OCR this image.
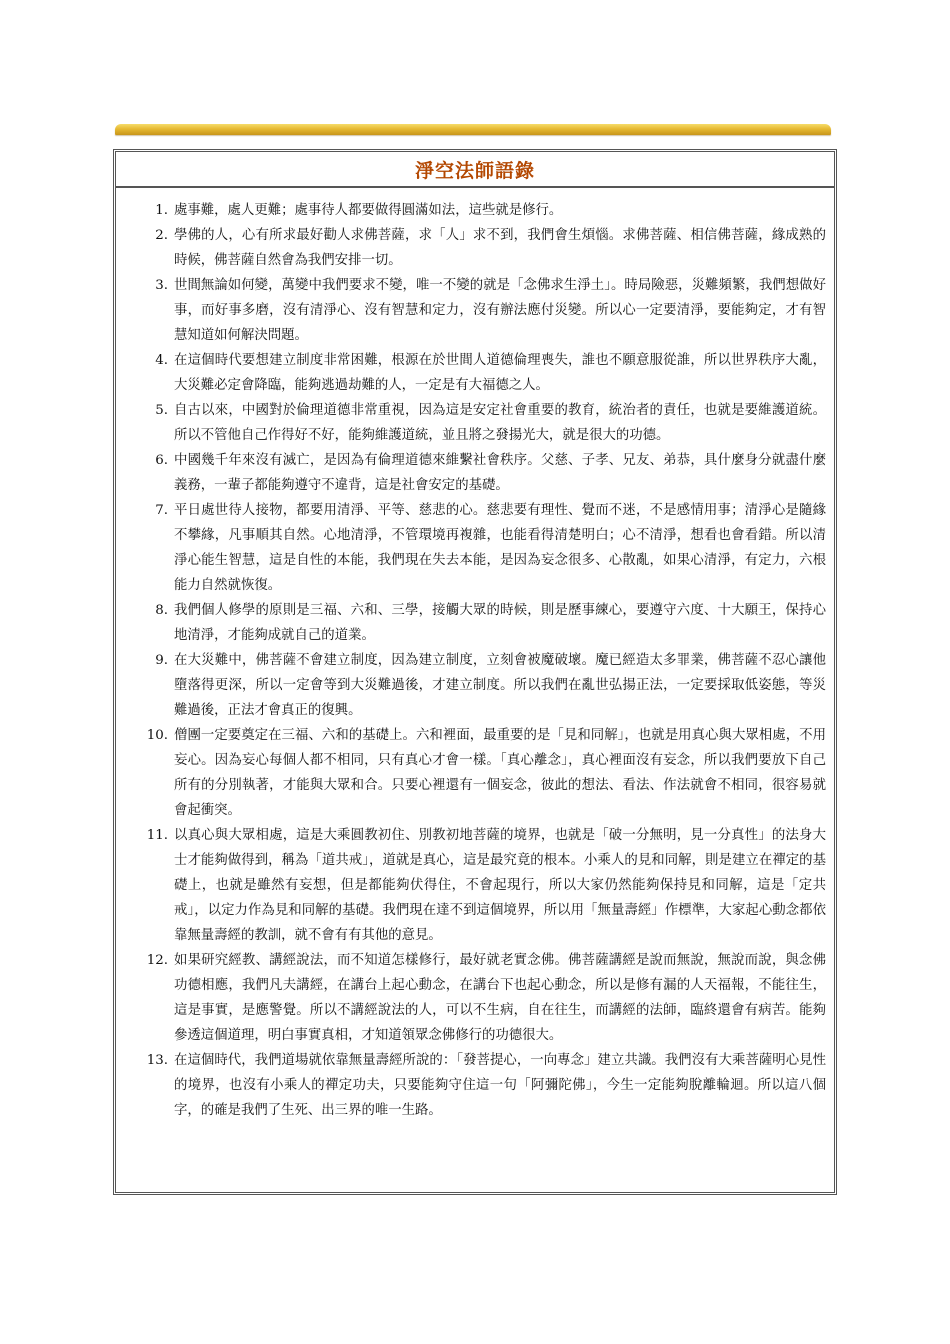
淨空法師語錄
1. 處事難，處人更難；處事待人都要做得圓滿如法，這些就是修行。
2. 學佛的人，心有所求最好勸人求佛菩薩，求「人」求不到，我們會生煩惱。求佛菩薩、相信佛菩薩，緣成熟的時候，佛菩薩自然會為我們安排一切。
3. 世間無論如何變，萬變中我們要求不變，唯一不變的就是「念佛求生淨土」。時局險惡，災難頻繁，我們想做好事，而好事多磨，沒有清淨心、沒有智慧和定力，沒有辦法應付災變。所以心一定要清淨，要能夠定，才有智慧知道如何解決問題。
4. 在這個時代要想建立制度非常困難，根源在於世間人道德倫理喪失，誰也不願意服從誰，所以世界秩序大亂，大災難必定會降臨，能夠逃過劫難的人，一定是有大福德之人。
5. 自古以來，中國對於倫理道德非常重視，因為這是安定社會重要的教育，統治者的責任，也就是要維護道統。所以不管他自己作得好不好，能夠維護道統，並且將之發揚光大，就是很大的功德。
6. 中國幾千年來沒有滅亡，是因為有倫理道德來維繫社會秩序。父慈、子孝、兄友、弟恭，具什麼身分就盡什麼義務，一輩子都能夠遵守不違背，這是社會安定的基礎。
7. 平日處世待人接物，都要用清淨、平等、慈悲的心。慈悲要有理性、覺而不迷，不是感情用事；清淨心是隨緣不攀緣，凡事順其自然。心地清淨，不管環境再複雜，也能看得清楚明白；心不清淨，想看也會看錯。所以清淨心能生智慧，這是自性的本能，我們現在失去本能，是因為妄念很多、心散亂，如果心清淨，有定力，六根能力自然就恢復。
8. 我們個人修學的原則是三福、六和、三學，接觸大眾的時候，則是歷事練心，要遵守六度、十大願王，保持心地清淨，才能夠成就自己的道業。
9. 在大災難中，佛菩薩不會建立制度，因為建立制度，立刻會被魔破壞。魔已經造太多罪業，佛菩薩不忍心讓他墮落得更深，所以一定會等到大災難過後，才建立制度。所以我們在亂世弘揚正法，一定要採取低姿態，等災難過後，正法才會真正的復興。
10. 僧團一定要奠定在三福、六和的基礎上。六和裡面，最重要的是「見和同解」，也就是用真心與大眾相處，不用妄心。因為妄心每個人都不相同，只有真心才會一樣。「真心離念」，真心裡面沒有妄念，所以我們要放下自己所有的分別執著，才能與大眾和合。只要心裡還有一個妄念，彼此的想法、看法、作法就會不相同，很容易就會起衝突。
11. 以真心與大眾相處，這是大乘圓教初住、別教初地菩薩的境界，也就是「破一分無明，見一分真性」的法身大士才能夠做得到，稱為「道共戒」，道就是真心，這是最究竟的根本。小乘人的見和同解，則是建立在禪定的基礎上，也就是雖然有妄想，但是都能夠伏得住，不會起現行，所以大家仍然能夠保持見和同解，這是「定共戒」，以定力作為見和同解的基礎。我們現在達不到這個境界，所以用「無量壽經」作標準，大家起心動念都依靠無量壽經的教訓，就不會有有其他的意見。
12. 如果研究經教、講經說法，而不知道怎樣修行，最好就老實念佛。佛菩薩講經是說而無說，無說而說，與念佛功德相應，我們凡夫講經，在講台上起心動念，在講台下也起心動念，所以是修有漏的人天福報，不能往生，這是事實，是應警覺。所以不講經說法的人，可以不生病，自在往生，而講經的法師，臨終還會有病苦。能夠參透這個道理，明白事實真相，才知道領眾念佛修行的功德很大。
13. 在這個時代，我們道場就依靠無量壽經所說的：「發菩提心，一向專念」建立共識。我們沒有大乘菩薩明心見性的境界，也沒有小乘人的禪定功夫，只要能夠守住這一句「阿彌陀佛」，今生一定能夠脫離輪迴。所以這八個字，的確是我們了生死、出三界的唯一生路。
